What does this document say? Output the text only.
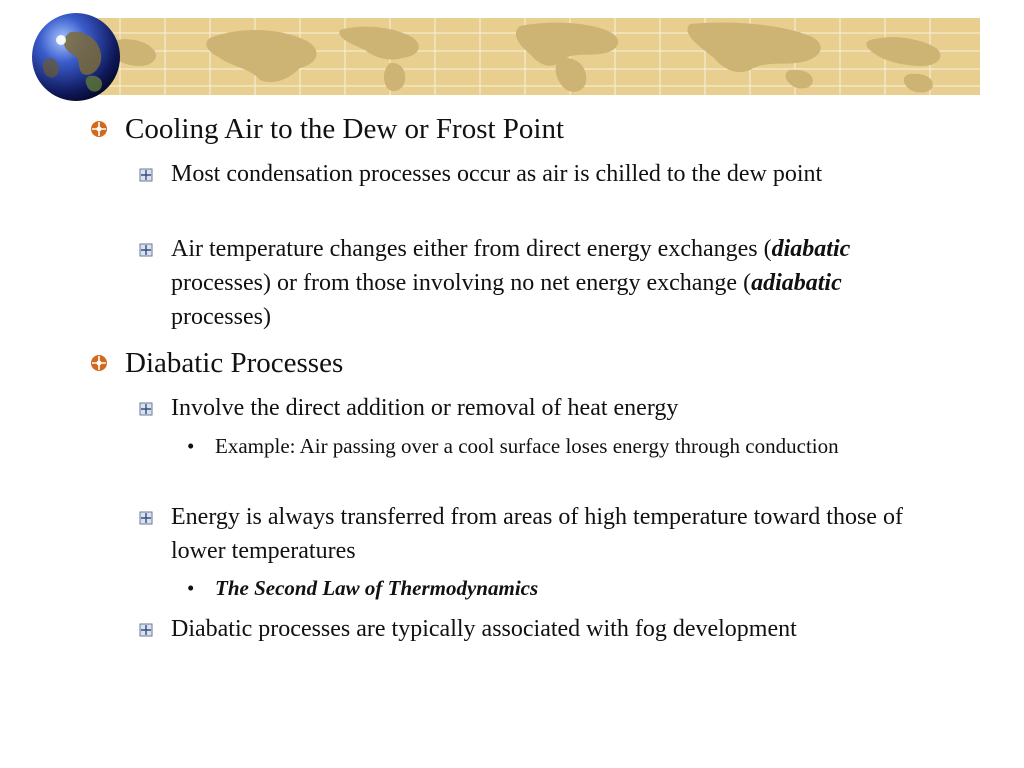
Cooling Air to the Dew or Frost Point
Most condensation processes occur as air is chilled to the dew point
Air temperature changes either from direct energy exchanges (diabatic processes) or from those involving no net energy exchange (adiabatic processes)
Diabatic Processes
Involve the direct addition or removal of heat energy
• Example: Air passing over a cool surface loses energy through conduction
Energy is always transferred from areas of high temperature toward those of lower temperatures
• The Second Law of Thermodynamics
Diabatic processes are typically associated with fog development
